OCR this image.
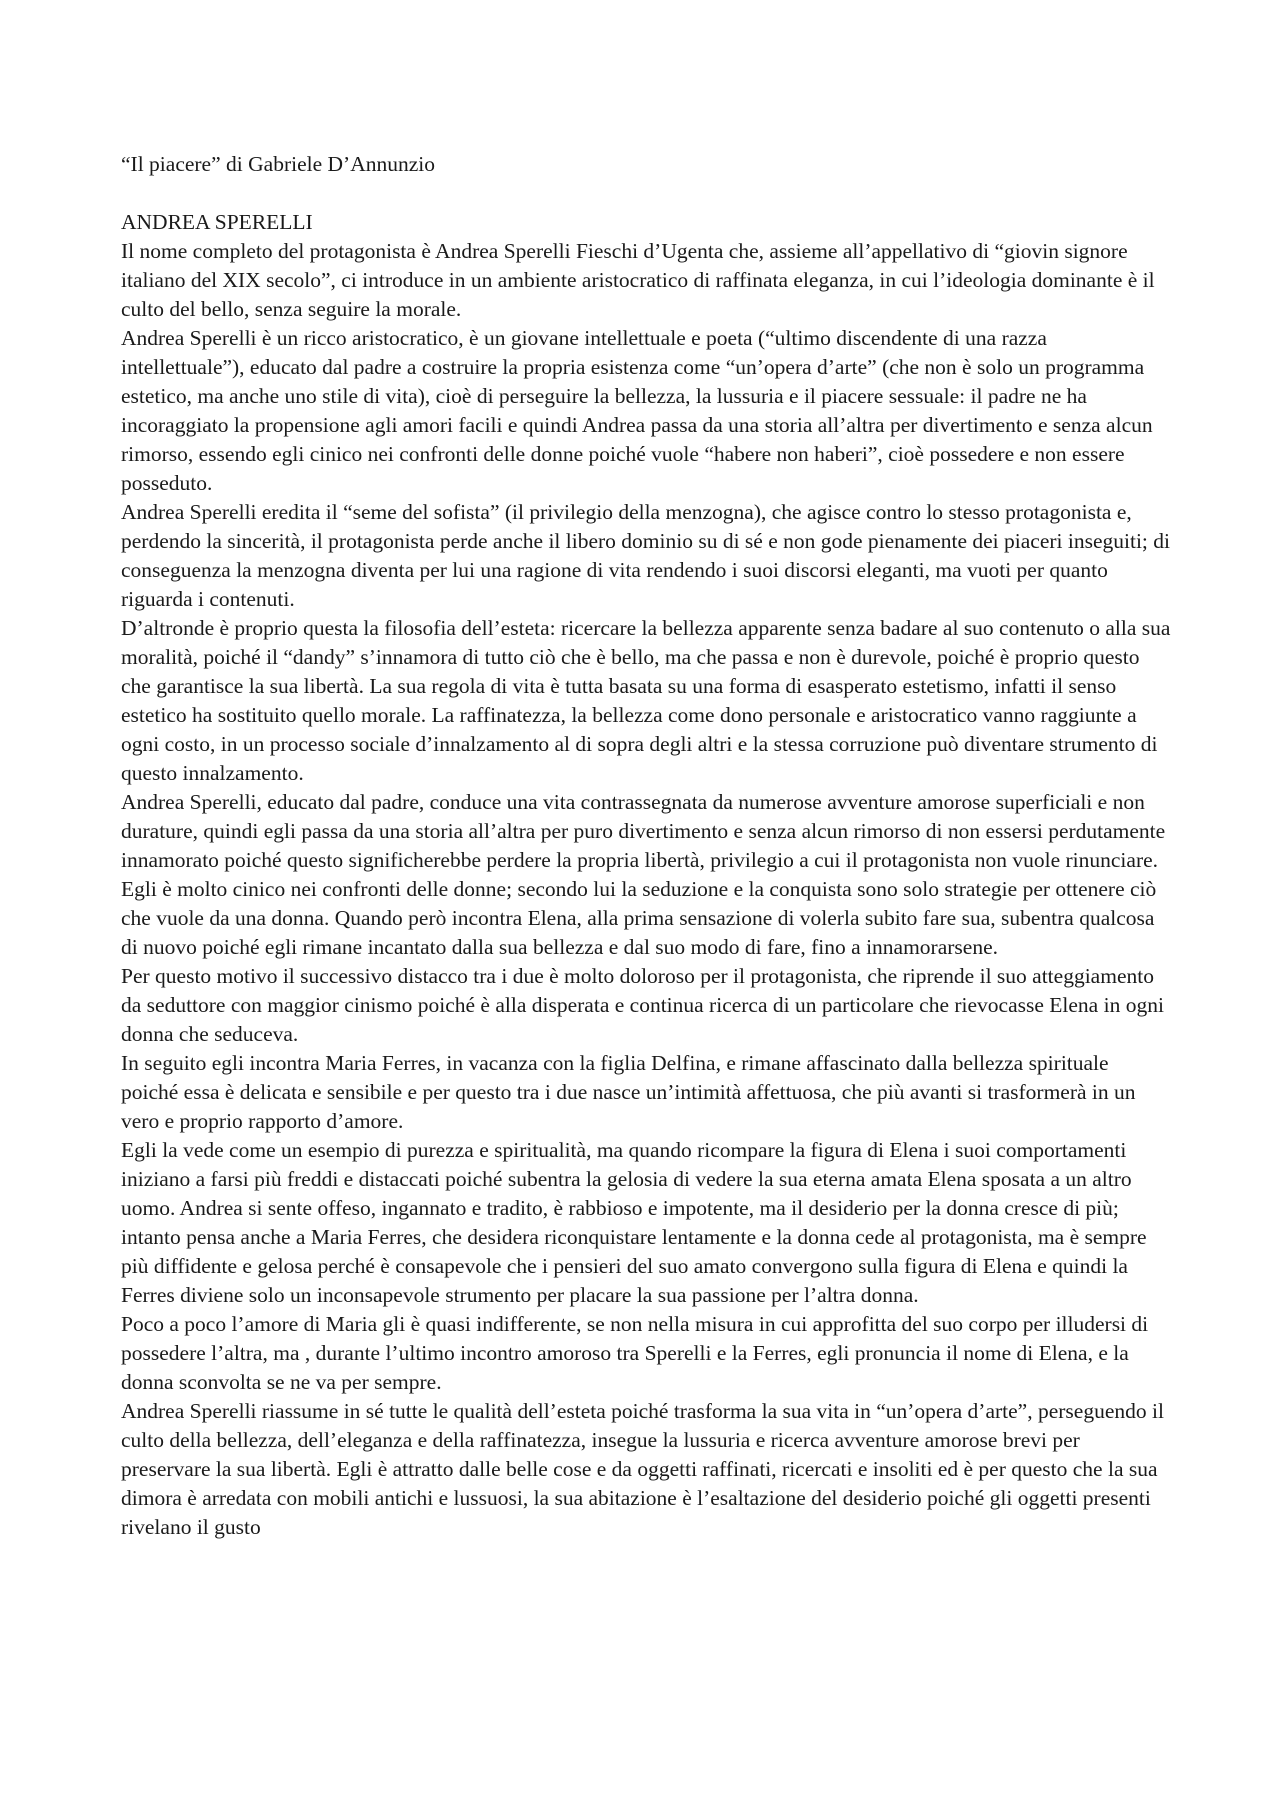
“Il piacere” di Gabriele D’Annunzio

ANDREA SPERELLI

Il nome completo del protagonista è Andrea Sperelli Fieschi d’Ugenta che, assieme all’appellativo di “giovin signore italiano del XIX secolo”, ci introduce in un ambiente aristocratico di raffinata eleganza, in cui l’ideologia dominante è il culto del bello, senza seguire la morale.

Andrea Sperelli è un ricco aristocratico, è un giovane intellettuale e poeta (“ultimo discendente di una razza intellettuale”), educato dal padre a costruire la propria esistenza come “un’opera d’arte” (che non è solo un programma estetico, ma anche uno stile di vita), cioè di perseguire la bellezza, la lussuria e il piacere sessuale: il padre ne ha incoraggiato la propensione agli amori facili e quindi Andrea passa da una storia all’altra per divertimento e senza alcun rimorso, essendo egli cinico nei confronti delle donne poiché vuole “habere non haberi”, cioè possedere e non essere posseduto.

Andrea Sperelli eredita il “seme del sofista” (il privilegio della menzogna), che agisce contro lo stesso protagonista e, perdendo la sincerità, il protagonista perde anche il libero dominio su di sé e non gode pienamente dei piaceri inseguiti; di conseguenza la menzogna diventa per lui una ragione di vita rendendo i suoi discorsi eleganti, ma vuoti per quanto riguarda i contenuti.

D’altronde è proprio questa la filosofia dell’esteta: ricercare la bellezza apparente senza badare al suo contenuto o alla sua moralità, poiché il “dandy” s’innamora di tutto ciò che è bello, ma che passa e non è durevole, poiché è proprio questo che garantisce la sua libertà. La sua regola di vita è tutta basata su una forma di esasperato estetismo, infatti il senso estetico ha sostituito quello morale. La raffinatezza, la bellezza come dono personale e aristocratico vanno raggiunte a ogni costo, in un processo sociale d’innalzamento al di sopra degli altri e la stessa corruzione può diventare strumento di questo innalzamento.

Andrea Sperelli, educato dal padre, conduce una vita contrassegnata da numerose avventure amorose superficiali e non durature, quindi egli passa da una storia all’altra per puro divertimento e senza alcun rimorso di non essersi perdutamente innamorato poiché questo significherebbe perdere la propria libertà, privilegio a cui il protagonista non vuole rinunciare.

Egli è molto cinico nei confronti delle donne; secondo lui la seduzione e la conquista sono solo strategie per ottenere ciò che vuole da una donna. Quando però incontra Elena, alla prima sensazione di volerla subito fare sua, subentra qualcosa di nuovo poiché egli rimane incantato dalla sua bellezza e dal suo modo di fare, fino a innamorarsene.

Per questo motivo il successivo distacco tra i due è molto doloroso per il protagonista, che riprende il suo atteggiamento da seduttore con maggior cinismo poiché è alla disperata e continua ricerca di un particolare che rievocasse Elena in ogni donna che seduceva.

In seguito egli incontra Maria Ferres, in vacanza con la figlia Delfina, e rimane affascinato dalla bellezza spirituale poiché essa è delicata e sensibile e per questo tra i due nasce un’intimità affettuosa, che più avanti si trasformerà in un vero e proprio rapporto d’amore.

Egli la vede come un esempio di purezza e spiritualità, ma quando ricompare la figura di Elena i suoi comportamenti iniziano a farsi più freddi e distaccati poiché subentra la gelosia di vedere la sua eterna amata Elena sposata a un altro uomo. Andrea si sente offeso, ingannato e tradito, è rabbioso e impotente, ma il desiderio per la donna cresce di più; intanto pensa anche a Maria Ferres, che desidera riconquistare lentamente e la donna cede al protagonista, ma è sempre più diffidente e gelosa perché è consapevole che i pensieri del suo amato convergono sulla figura di Elena e quindi la Ferres diviene solo un inconsapevole strumento per placare la sua passione per l’altra donna.

Poco a poco l’amore di Maria gli è quasi indifferente, se non nella misura in cui approfitta del suo corpo per illudersi di possedere l’altra, ma , durante l’ultimo incontro amoroso tra Sperelli e la Ferres, egli pronuncia il nome di Elena, e la donna sconvolta se ne va per sempre.

Andrea Sperelli riassume in sé tutte le qualità dell’esteta poiché trasforma la sua vita in “un’opera d’arte”, perseguendo il culto della bellezza, dell’eleganza e della raffinatezza, insegue la lussuria e ricerca avventure amorose brevi per preservare la sua libertà. Egli è attratto dalle belle cose e da oggetti raffinati, ricercati e insoliti ed è per questo che la sua dimora è arredata con mobili antichi e lussuosi, la sua abitazione è l’esaltazione del desiderio poiché gli oggetti presenti rivelano il gusto
